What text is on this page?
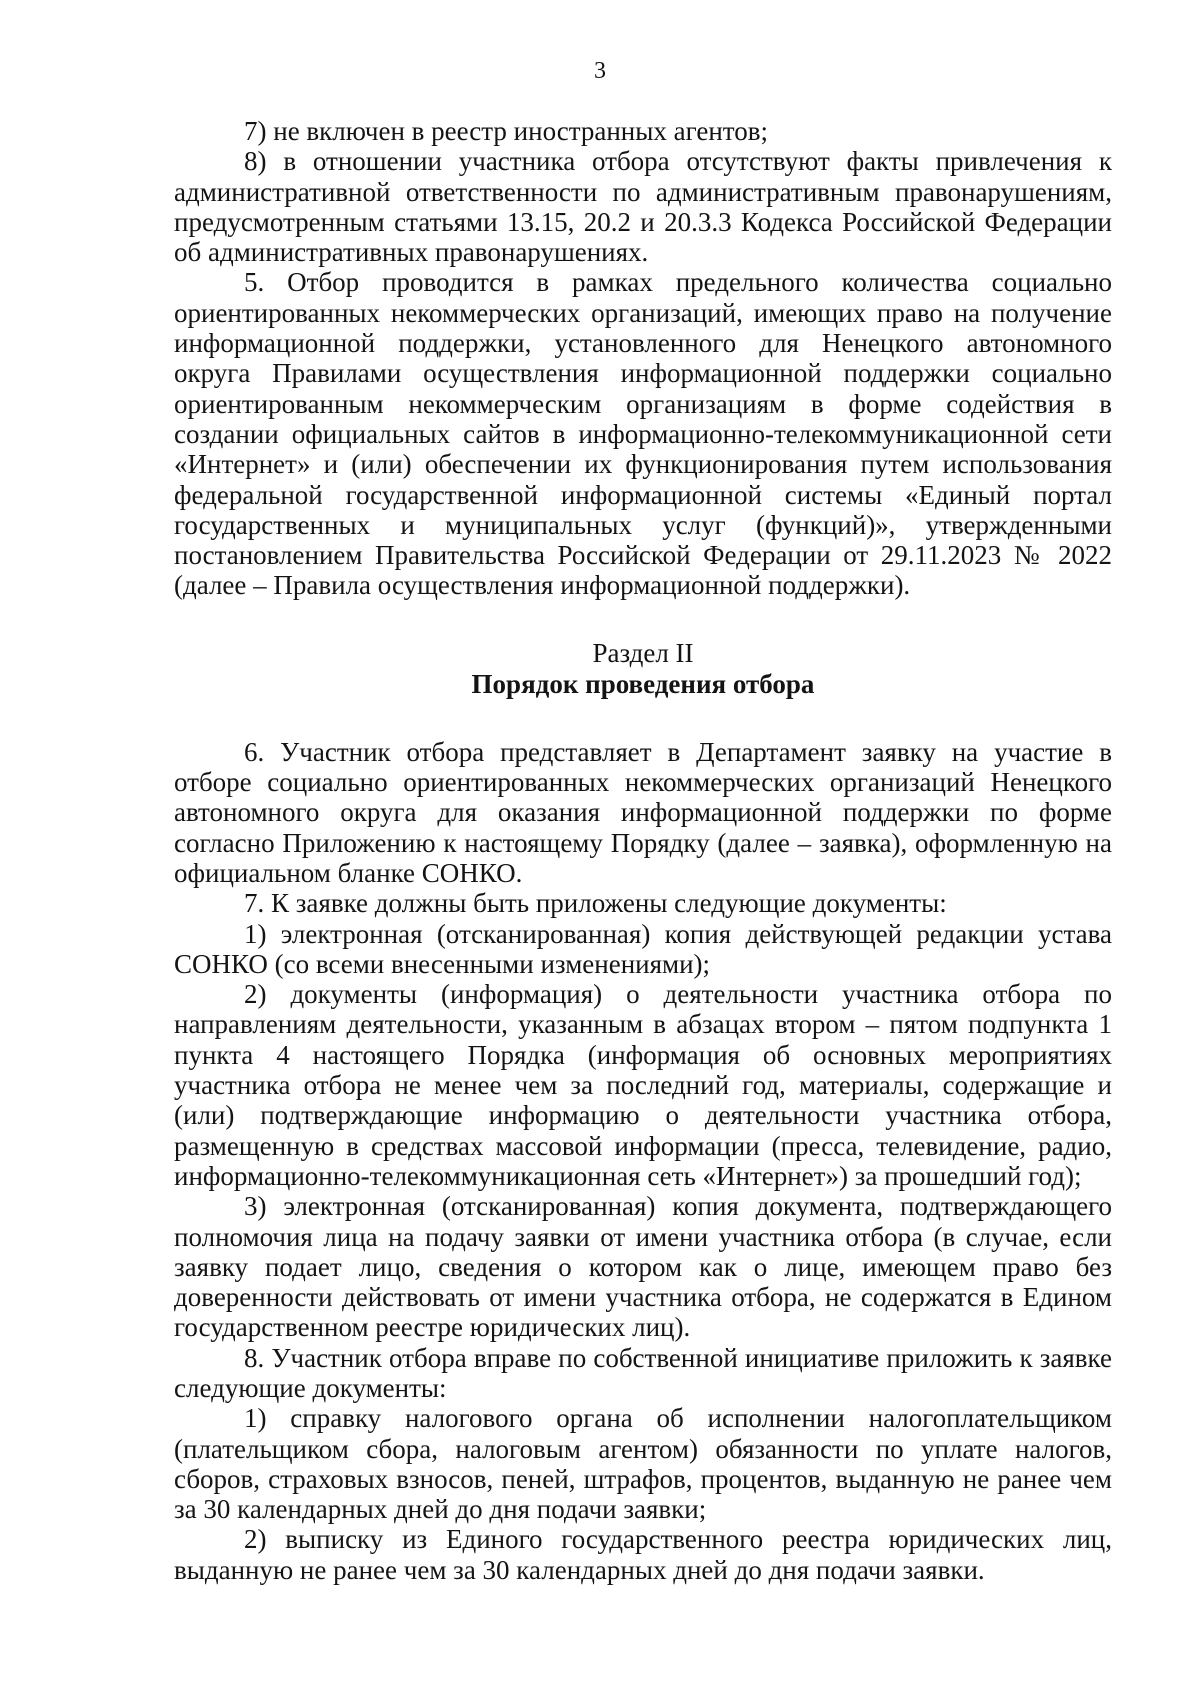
3

7) не включен в реестр иностранных агентов;

8) в отношении участника отбора отсутствуют факты привлечения к административной ответственности по административным правонарушениям, предусмотренным статьями 13.15, 20.2 и 20.3.3 Кодекса Российской Федерации об административных правонарушениях.

5. Отбор проводится в рамках предельного количества социально ориентированных некоммерческих организаций, имеющих право на получение информационной поддержки, установленного для Ненецкого автономного округа Правилами осуществления информационной поддержки социально ориентированным некоммерческим организациям в форме содействия в создании официальных сайтов в информационно-телекоммуникационной сети «Интернет» и (или) обеспечении их функционирования путем использования федеральной государственной информационной системы «Единый портал государственных и муниципальных услуг (функций)», утвержденными постановлением Правительства Российской Федерации от 29.11.2023 № 2022 (далее – Правила осуществления информационной поддержки).

Раздел II

Порядок проведения отбора

6. Участник отбора представляет в Департамент заявку на участие в отборе социально ориентированных некоммерческих организаций Ненецкого автономного округа для оказания информационной поддержки по форме согласно Приложению к настоящему Порядку (далее – заявка), оформленную на официальном бланке СОНКО.

7. К заявке должны быть приложены следующие документы:

1) электронная (отсканированная) копия действующей редакции устава СОНКО (со всеми внесенными изменениями);

2) документы (информация) о деятельности участника отбора по направлениям деятельности, указанным в абзацах втором – пятом подпункта 1 пункта 4 настоящего Порядка (информация об основных мероприятиях участника отбора не менее чем за последний год, материалы, содержащие и (или) подтверждающие информацию о деятельности участника отбора, размещенную в средствах массовой информации (пресса, телевидение, радио, информационно-телекоммуникационная сеть «Интернет») за прошедший год);

3) электронная (отсканированная) копия документа, подтверждающего полномочия лица на подачу заявки от имени участника отбора (в случае, если заявку подает лицо, сведения о котором как о лице, имеющем право без доверенности действовать от имени участника отбора, не содержатся в Едином государственном реестре юридических лиц).

8. Участник отбора вправе по собственной инициативе приложить к заявке следующие документы:

1) справку налогового органа об исполнении налогоплательщиком (плательщиком сбора, налоговым агентом) обязанности по уплате налогов, сборов, страховых взносов, пеней, штрафов, процентов, выданную не ранее чем за 30 календарных дней до дня подачи заявки;

2) выписку из Единого государственного реестра юридических лиц, выданную не ранее чем за 30 календарных дней до дня подачи заявки.
